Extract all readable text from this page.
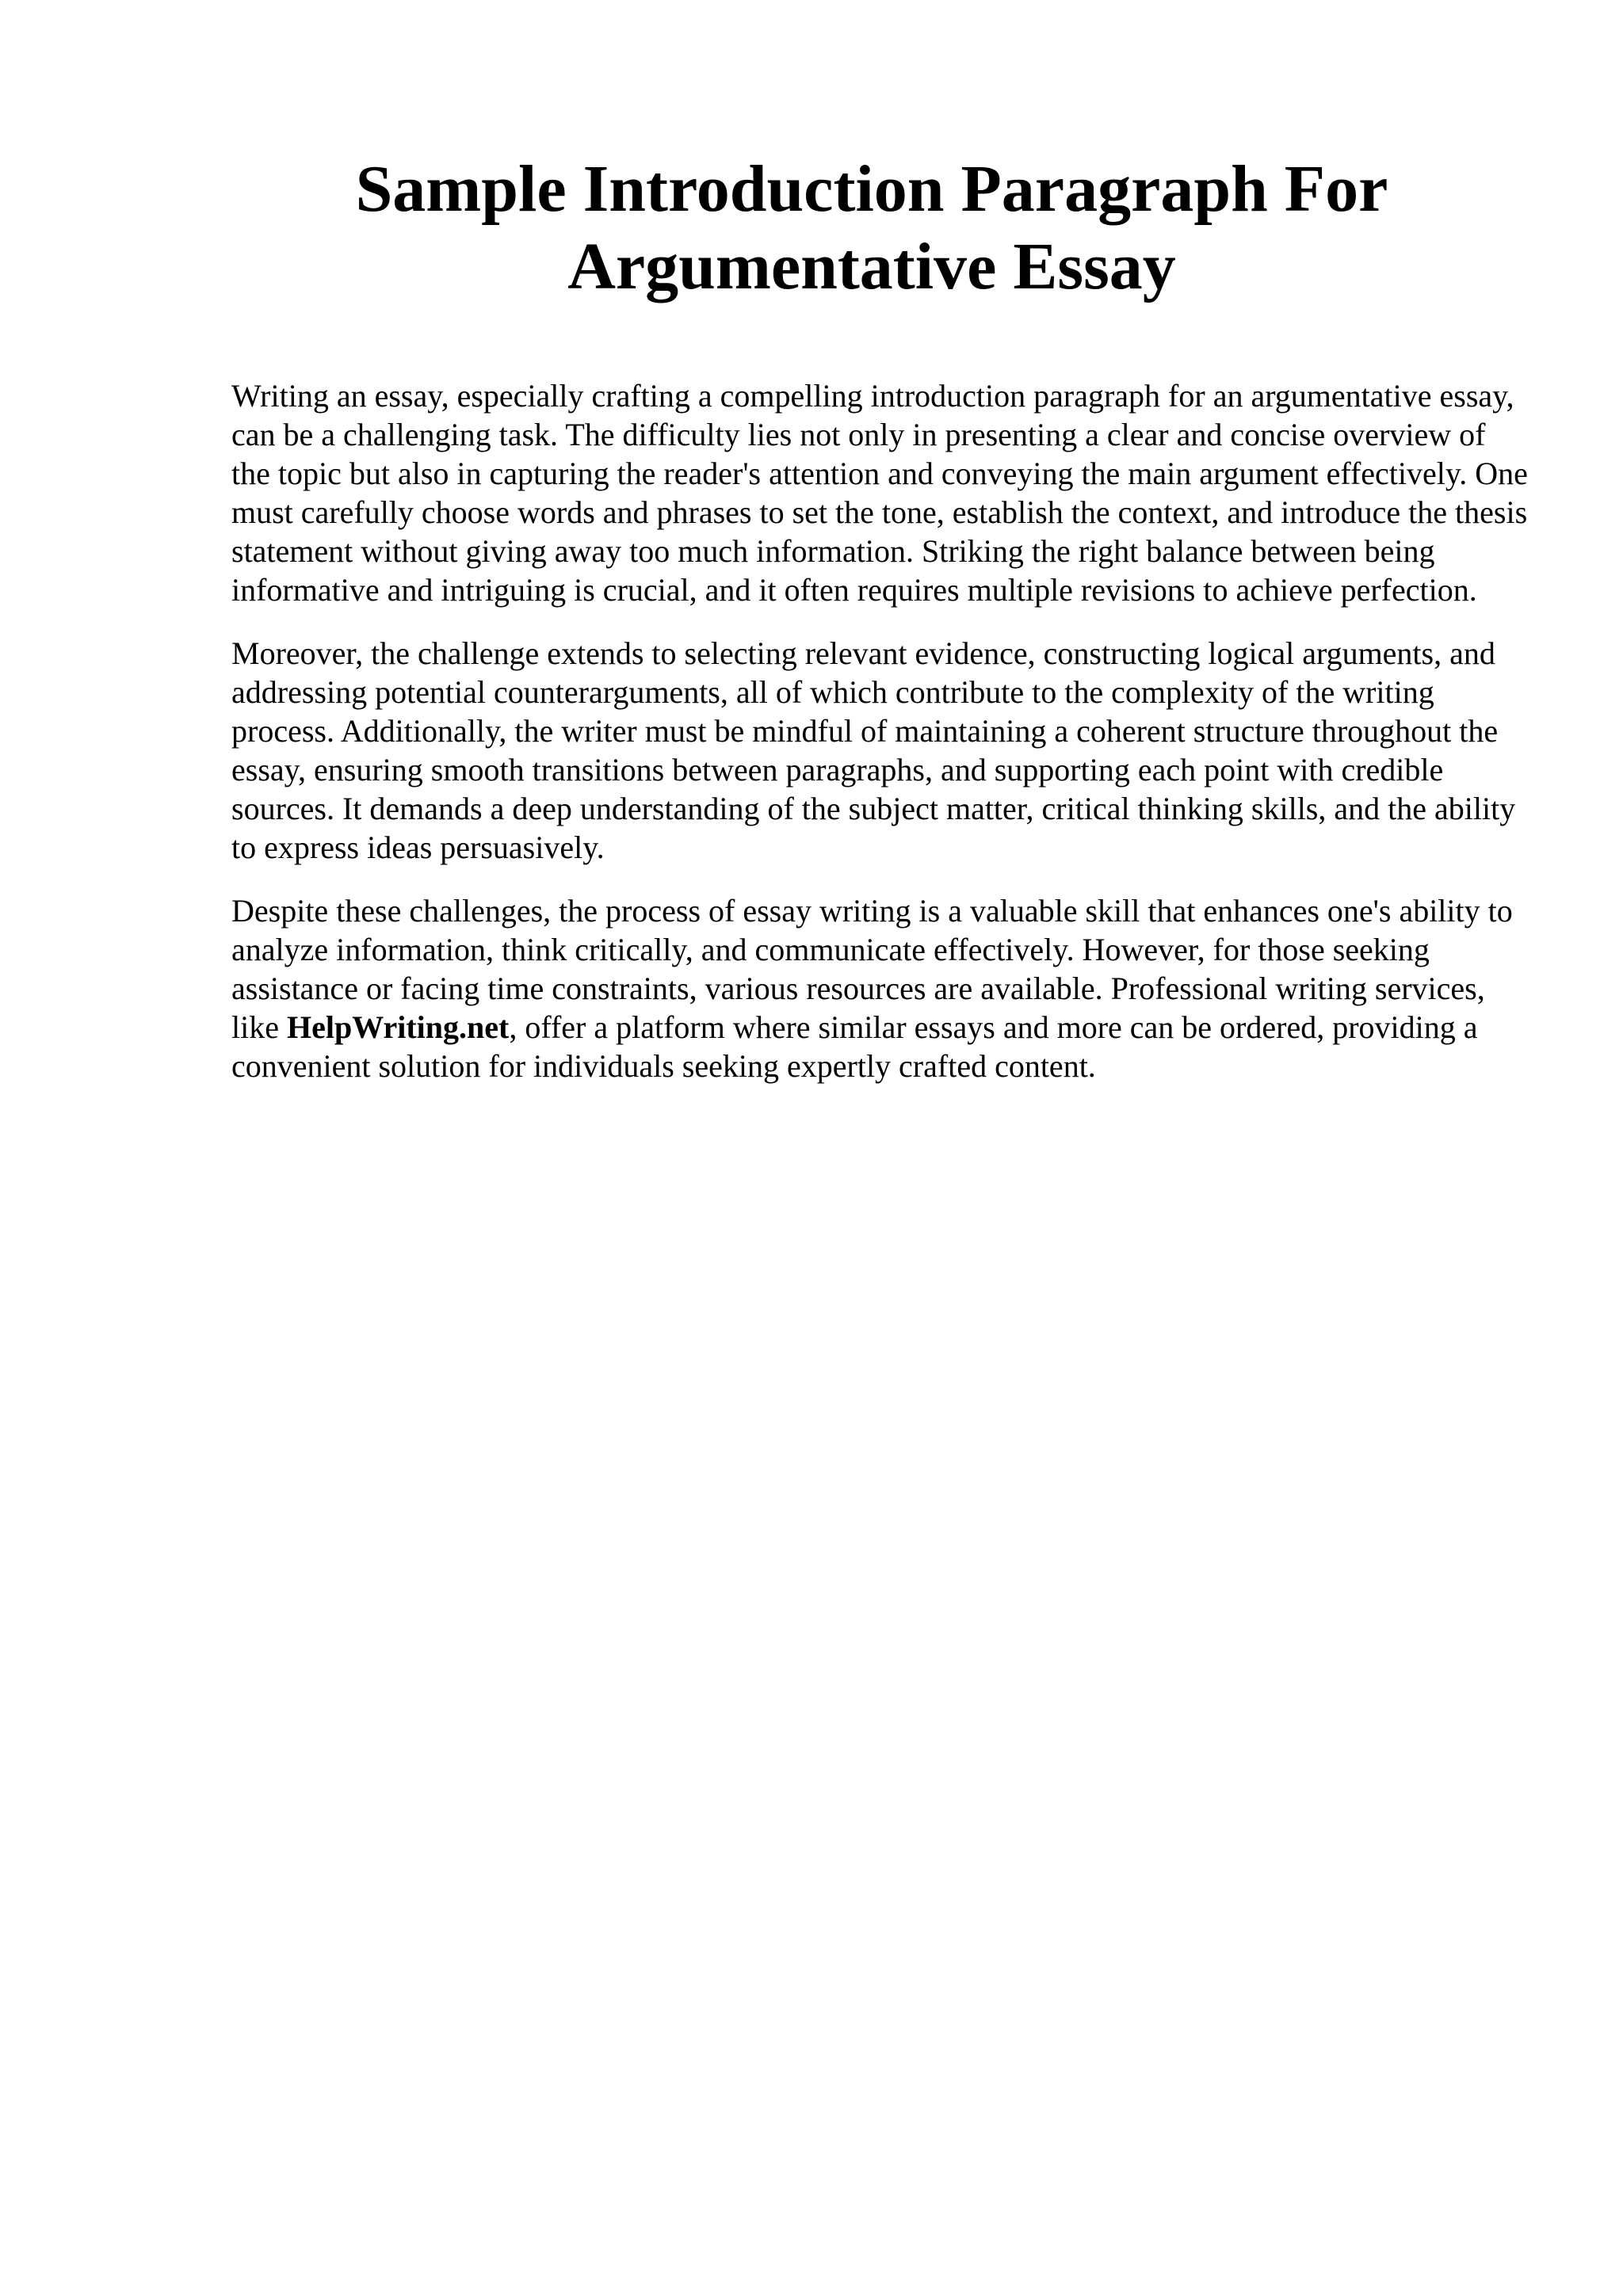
Sample Introduction Paragraph For Argumentative Essay

Writing an essay, especially crafting a compelling introduction paragraph for an argumentative essay, can be a challenging task. The difficulty lies not only in presenting a clear and concise overview of the topic but also in capturing the reader's attention and conveying the main argument effectively. One must carefully choose words and phrases to set the tone, establish the context, and introduce the thesis statement without giving away too much information. Striking the right balance between being informative and intriguing is crucial, and it often requires multiple revisions to achieve perfection.

Moreover, the challenge extends to selecting relevant evidence, constructing logical arguments, and addressing potential counterarguments, all of which contribute to the complexity of the writing process. Additionally, the writer must be mindful of maintaining a coherent structure throughout the essay, ensuring smooth transitions between paragraphs, and supporting each point with credible sources. It demands a deep understanding of the subject matter, critical thinking skills, and the ability to express ideas persuasively.

Despite these challenges, the process of essay writing is a valuable skill that enhances one's ability to analyze information, think critically, and communicate effectively. However, for those seeking assistance or facing time constraints, various resources are available. Professional writing services, like HelpWriting.net, offer a platform where similar essays and more can be ordered, providing a convenient solution for individuals seeking expertly crafted content.
